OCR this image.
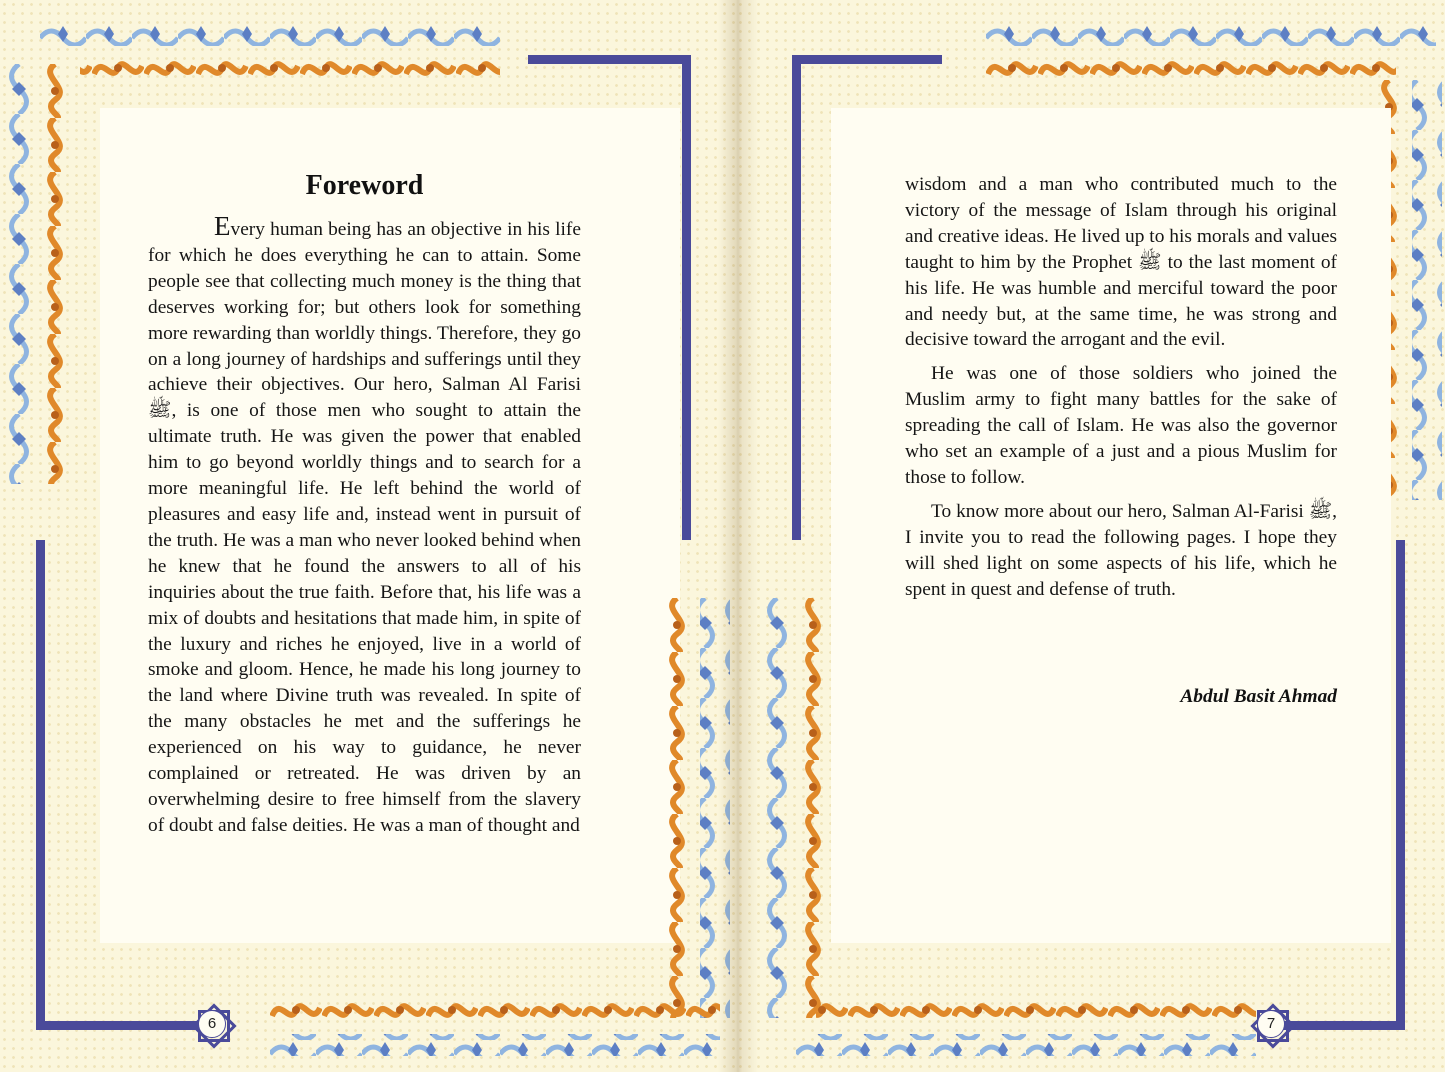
6
Foreword

Every human being has an objective in his life for which he does everything he can to attain. Some people see that collecting much money is the thing that deserves working for; but others look for something more rewarding than worldly things. Therefore, they go on a long journey of hardships and sufferings until they achieve their objectives. Our hero, Salman Al Farisi ﷺ, is one of those men who sought to attain the ultimate truth. He was given the power that enabled him to go beyond worldly things and to search for a more meaningful life. He left behind the world of pleasures and easy life and, instead went in pursuit of the truth. He was a man who never looked behind when he knew that he found the answers to all of his inquiries about the true faith. Before that, his life was a mix of doubts and hesitations that made him, in spite of the luxury and riches he enjoyed, live in a world of smoke and gloom. Hence, he made his long journey to the land where Divine truth was revealed. In spite of the many obstacles he met and the sufferings he experienced on his way to guidance, he never complained or retreated. He was driven by an overwhelming desire to free himself from the slavery of doubt and false deities. He was a man of thought and

7

wisdom and a man who contributed much to the victory of the message of Islam through his original and creative ideas. He lived up to his morals and values taught to him by the Prophet ﷺ to the last moment of his life. He was humble and merciful toward the poor and needy but, at the same time, he was strong and decisive toward the arrogant and the evil.

He was one of those soldiers who joined the Muslim army to fight many battles for the sake of spreading the call of Islam. He was also the governor who set an example of a just and a pious Muslim for those to follow.

To know more about our hero, Salman Al-Farisi ﷺ, I invite you to read the following pages. I hope they will shed light on some aspects of his life, which he spent in quest and defense of truth.

Abdul Basit Ahmad
